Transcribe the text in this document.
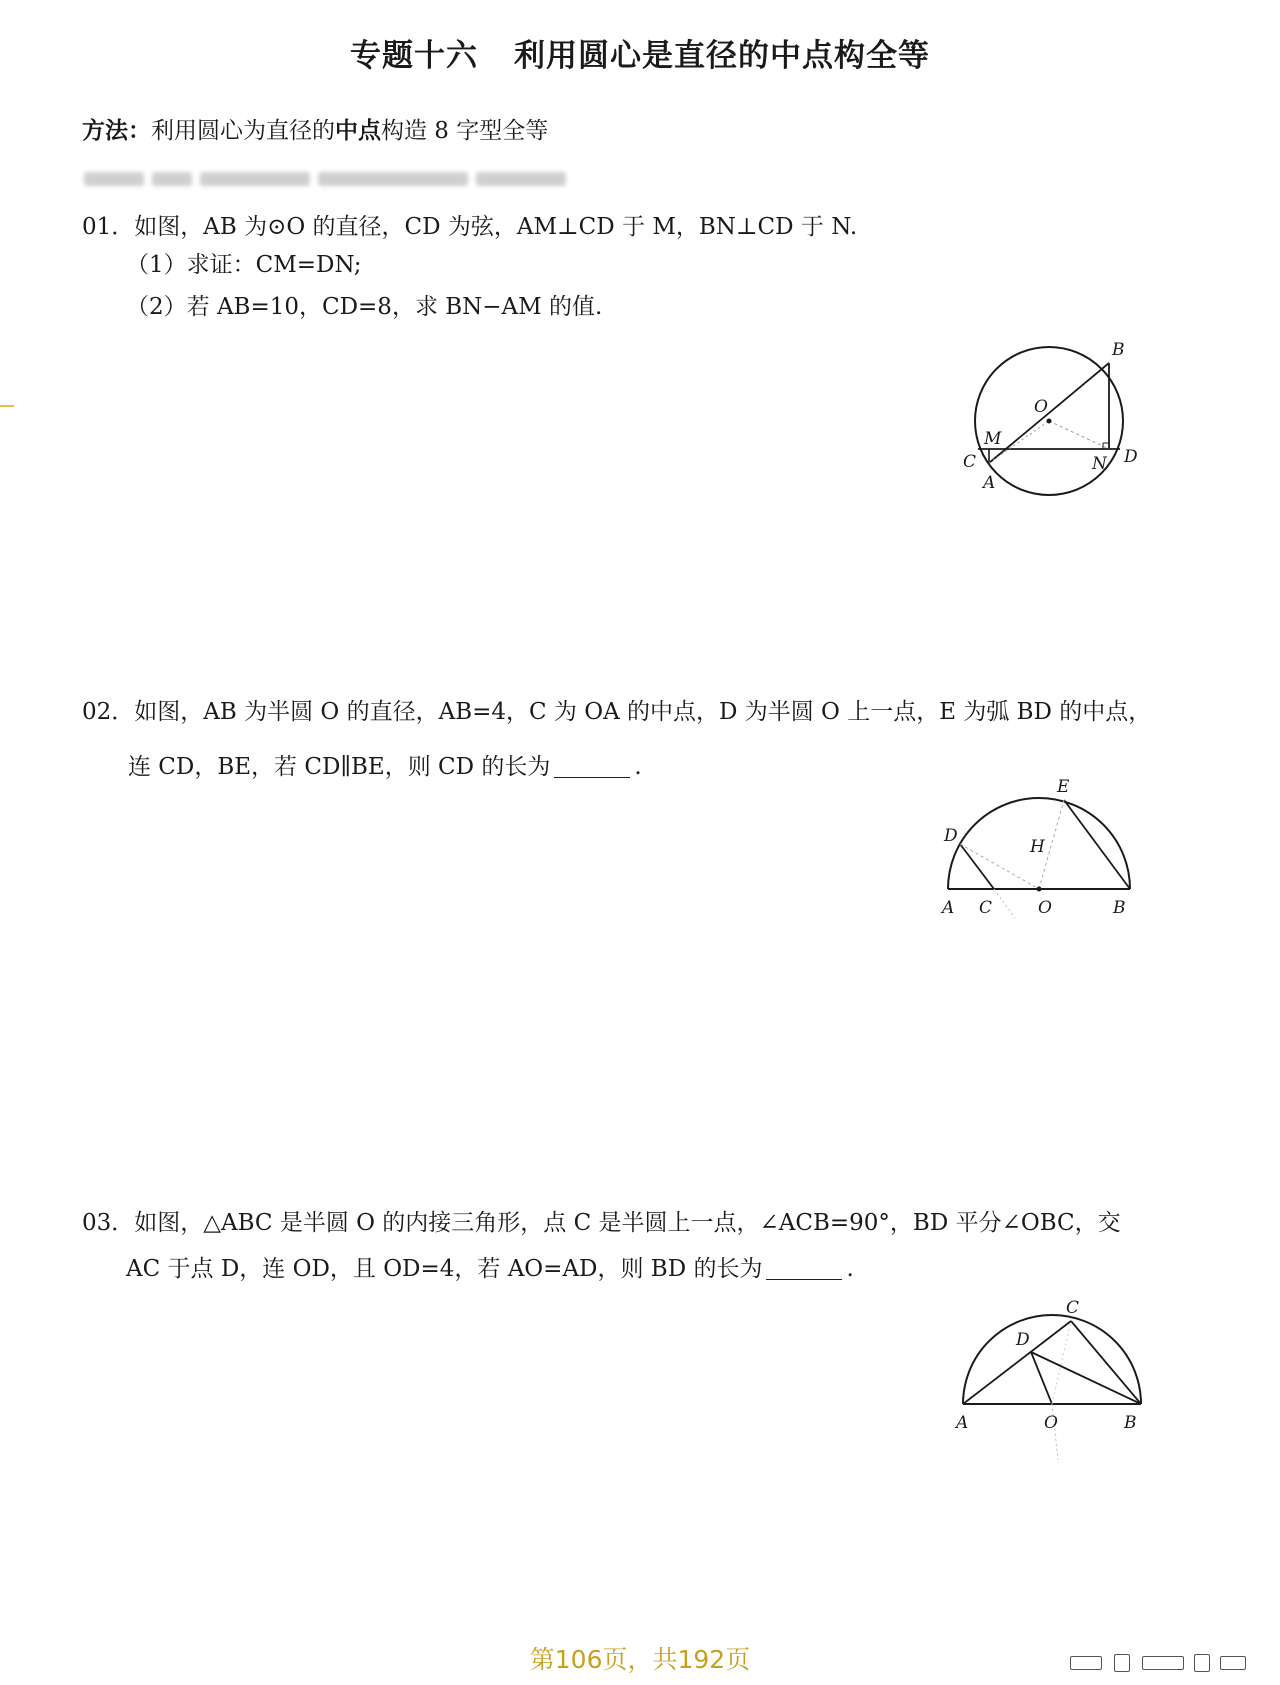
专题十六 利用圆心是直径的中点构全等
方法：利用圆心为直径的中点构造 8 字型全等
01．如图，AB 为⊙O 的直径，CD 为弦，AM⊥CD 于 M，BN⊥CD 于 N.
（1）求证：CM=DN;
（2）若 AB=10，CD=8，求 BN−AM 的值.
B
O
M
C	N D
A
02．如图，AB 为半圆 O 的直径，AB=4，C 为 OA 的中点，D 为半圆 O 上一点，E 为弧 BD 的中点，
连 CD，BE，若 CD∥BE，则 CD 的长为	.
E
D
H
A C	O	B
03．如图，△ABC 是半圆 O 的内接三角形，点 C 是半圆上一点，∠ACB=90°，BD 平分∠OBC，交
AC 于点 D，连 OD，且 OD=4，若 AO=AD，则 BD 的长为	.
C
D
A	O	B
第106页，共192页
